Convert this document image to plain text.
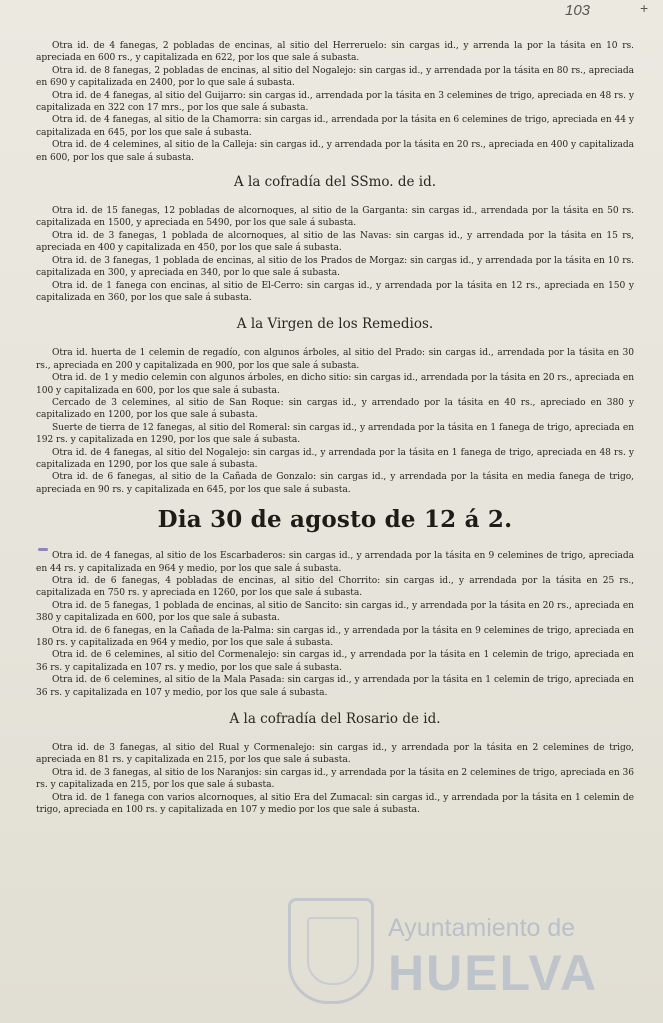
103	+

Otra id. de 4 fanegas, 2 pobladas de encinas, al sitio del Herreruelo: sin cargas id., y arrenda la por la tásita en 10 rs. apreciada en 600 rs., y capitalizada en 622, por los que sale á subasta.

Otra id. de 8 fanegas, 2 pobladas de encinas, al sitio del Nogalejo: sin cargas id., y arrendada por la tásita en 80 rs., apreciada en 690 y capitalizada en 2400, por lo que sale á subasta.

Otra id. de 4 fanegas, al sitio del Guijarro: sin cargas id., arrendada por la tásita en 3 celemines de trigo, apreciada en 48 rs. y capitalizada en 322 con 17 mrs., por los que sale á subasta.

Otra id. de 4 fanegas, al sitio de la Chamorra: sin cargas id., arrendada por la tásita en 6 celemines de trigo, apreciada en 44 y capitalizada en 645, por los que sale á subasta.

Otra id. de 4 celemines, al sitio de la Calleja: sin cargas id., y arrendada por la tásita en 20 rs., apreciada en 400 y capitalizada en 600, por los que sale á subasta.

A la cofradía del SSmo. de id.

Otra id. de 15 fanegas, 12 pobladas de alcornoques, al sitio de la Garganta: sin cargas id., arrendada por la tásita en 50 rs. capitalizada en 1500, y apreciada en 5490, por los que sale á subasta.

Otra id. de 3 fanegas, 1 poblada de alcornoques, al sitio de las Navas: sin cargas id., y arrendada por la tásita en 15 rs, apreciada en 400 y capitalizada en 450, por los que sale á subasta.

Otra id. de 3 fanegas, 1 poblada de encinas, al sitio de los Prados de Morgaz: sin cargas id., y arrendada por la tásita en 10 rs. capitalizada en 300, y apreciada en 340, por lo que sale á subasta.

Otra id. de 1 fanega con encinas, al sitio de El-Cerro: sin cargas id., y arrendada por la tásita en 12 rs., apreciada en 150 y capitalizada en 360, por los que sale á subasta.

A la Virgen de los Remedios.

Otra id. huerta de 1 celemin de regadío, con algunos árboles, al sitio del Prado: sin cargas id., arrendada por la tásita en 30 rs., apreciada en 200 y capitalizada en 900, por los que sale á subasta.

Otra id. de 1 y medio celemin con algunos árboles, en dicho sitio: sin cargas id., arrendada por la tásita en 20 rs., apreciada en 100 y capitalizada en 600, por los que sale á subasta.

Cercado de 3 celemines, al sitio de San Roque: sin cargas id., y arrendado por la tásita en 40 rs., apreciado en 380 y capitalizado en 1200, por los que sale á subasta.

Suerte de tierra de 12 fanegas, al sitio del Romeral: sin cargas id., y arrendada por la tásita en 1 fanega de trigo, apreciada en 192 rs. y capitalizada en 1290, por los que sale á subasta.

Otra id. de 4 fanegas, al sitio del Nogalejo: sin cargas id., y arrendada por la tásita en 1 fanega de trigo, apreciada en 48 rs. y capitalizada en 1290, por los que sale á subasta.

Otra id. de 6 fanegas, al sitio de la Cañada de Gonzalo: sin cargas id., y arrendada por la tásita en media fanega de trigo, apreciada en 90 rs. y capitalizada en 645, por los que sale á subasta.

Dia 30 de agosto de 12 á 2.

Otra id. de 4 fanegas, al sitio de los Escarbaderos: sin cargas id., y arrendada por la tásita en 9 celemines de trigo, apreciada en 44 rs. y capitalizada en 964 y medio, por los que sale á subasta.

Otra id. de 6 fanegas, 4 pobladas de encinas, al sitio del Chorrito: sin cargas id., y arrendada por la tásita en 25 rs., capitalizada en 750 rs. y apreciada en 1260, por los que sale á subasta.

Otra id. de 5 fanegas, 1 poblada de encinas, al sitio de Sancito: sin cargas id., y arrendada por la tásita en 20 rs., apreciada en 380 y capitalizada en 600, por los que sale á subasta.

Otra id. de 6 fanegas, en la Cañada de la-Palma: sin cargas id., y arrendada por la tásita en 9 celemines de trigo, apreciada en 180 rs. y capitalizada en 964 y medio, por los que sale á subasta.

Otra id. de 6 celemines, al sitio del Cormenalejo: sin cargas id., y arrendada por la tásita en 1 celemin de trigo, apreciada en 36 rs. y capitalizada en 107 rs. y medio, por los que sale á subasta.

Otra id. de 6 celemines, al sitio de la Mala Pasada: sin cargas id., y arrendada por la tásita en 1 celemin de trigo, apreciada en 36 rs. y capitalizada en 107 y medio, por los que sale á subasta.

A la cofradía del Rosario de id.

Otra id. de 3 fanegas, al sitio del Rual y Cormenalejo: sin cargas id., y arrendada por la tásita en 2 celemines de trigo, apreciada en 81 rs. y capitalizada en 215, por los que sale á subasta.

Otra id. de 3 fanegas, al sitio de los Naranjos: sin cargas id., y arrendada por la tásita en 2 celemines de trigo, apreciada en 36 rs. y capitalizada en 215, por los que sale á subasta.

Otra id. de 1 fanega con varios alcornoques, al sitio Era del Zumacal: sin cargas id., y arrendada por la tásita en 1 celemin de trigo, apreciada en 100 rs. y capitalizada en 107 y medio por los que sale á subasta.

Ayuntamiento de
HUELVA
